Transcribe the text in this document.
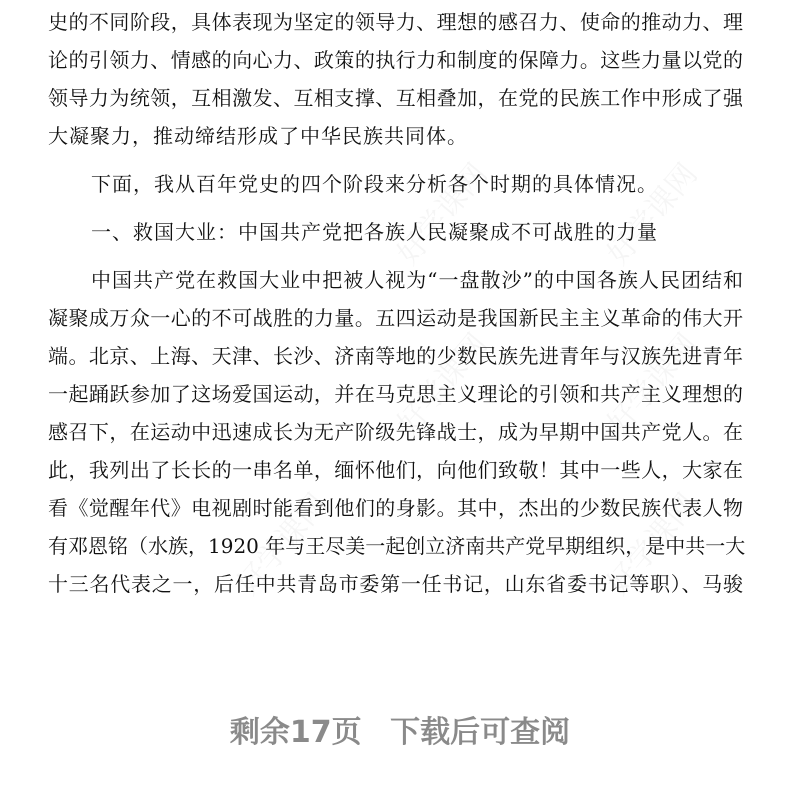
史的不同阶段，具体表现为坚定的领导力、理想的感召力、使命的推动力、理
论的引领力、情感的向心力、政策的执行力和制度的保障力。这些力量以党的
领导力为统领，互相激发、互相支撑、互相叠加，在党的民族工作中形成了强
大凝聚力，推动缔结形成了中华民族共同体。
下面，我从百年党史的四个阶段来分析各个时期的具体情况。
一、救国大业：中国共产党把各族人民凝聚成不可战胜的力量
中国共产党在救国大业中把被人视为“一盘散沙”的中国各族人民团结和
凝聚成万众一心的不可战胜的力量。五四运动是我国新民主主义革命的伟大开
端。北京、上海、天津、长沙、济南等地的少数民族先进青年与汉族先进青年
一起踊跃参加了这场爱国运动，并在马克思主义理论的引领和共产主义理想的
感召下，在运动中迅速成长为无产阶级先锋战士，成为早期中国共产党人。在
此，我列出了长长的一串名单，缅怀他们，向他们致敬！其中一些人，大家在
看《觉醒年代》电视剧时能看到他们的身影。其中，杰出的少数民族代表人物
有邓恩铭（水族，1920 年与王尽美一起创立济南共产党早期组织，是中共一大
十三名代表之一，后任中共青岛市委第一任书记，山东省委书记等职）、马骏
剩余17页 下载后可查阅
